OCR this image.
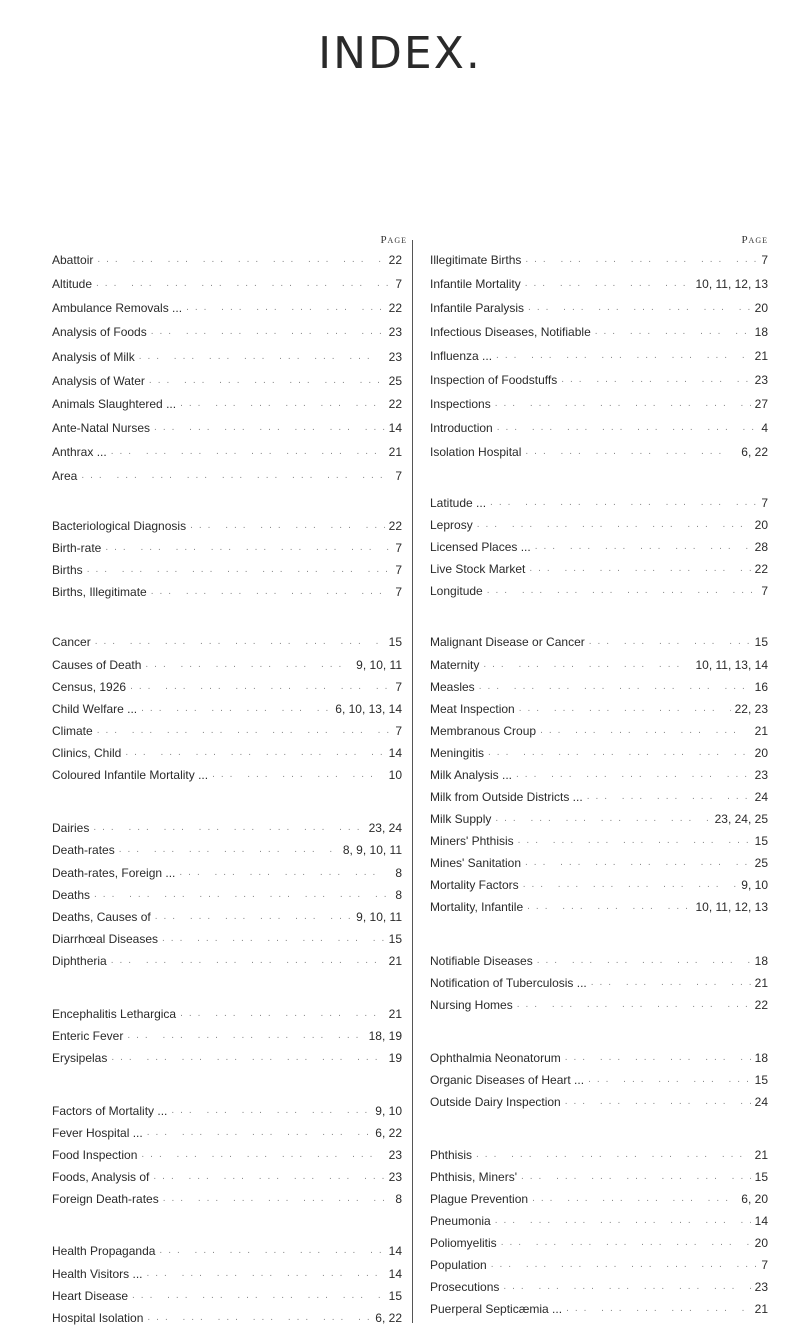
INDEX.
Page
Abattoir ... .	22
Altitude ... .	7
Ambulance Removals ... ... .	22
Analysis of Foods ... .	23
Analysis of Milk ... .	23
Analysis of Water ... .	25
Animals Slaughtered ... ... .	22
Ante-Natal Nurses ... .	14
Anthrax ... ... .	21
Area ... .	7
Bacteriological Diagnosis ... .	22
Birth-rate ... .	7
Births ... .	7
Births, Illegitimate ... .	7
Cancer ... .	15
Causes of Death ... .	9, 10, 11
Census, 1926 ... .	7
Child Welfare ... ... .	6, 10, 13, 14
Climate ... .	7
Clinics, Child ... .	14
Coloured Infantile Mortality ... ... .	10
Dairies ... .	23, 24
Death-rates ... .	8, 9, 10, 11
Death-rates, Foreign ... ... .	8
Deaths ... .	8
Deaths, Causes of ... .	9, 10, 11
Diarrhœal Diseases ... .	15
Diphtheria ... .	21
Encephalitis Lethargica ... .	21
Enteric Fever ... .	18, 19
Erysipelas ... .	19
Factors of Mortality ... ... .	9, 10
Fever Hospital ... ... .	6, 22
Food Inspection ... .	23
Foods, Analysis of ... .	23
Foreign Death-rates ... .	8
Health Propaganda ... .	14
Health Visitors ... ... .	14
Heart Disease ... .	15
Hospital Isolation ... .	6, 22
Page
Illegitimate Births ... .	7
Infantile Mortality ... .	10, 11, 12, 13
Infantile Paralysis ... .	20
Infectious Diseases, Notifiable ... .	18
Influenza ... ... .	21
Inspection of Foodstuffs ... .	23
Inspections ... .	27
Introduction ... .	4
Isolation Hospital ... .	6, 22
Latitude ... ... .	7
Leprosy ... .	20
Licensed Places ... ... .	28
Live Stock Market ... .	22
Longitude ... .	7
Malignant Disease or Cancer ... .	15
Maternity ... .	10, 11, 13, 14
Measles ... .	16
Meat Inspection ... .	22, 23
Membranous Croup ... .	21
Meningitis ... .	20
Milk Analysis ... ... .	23
Milk from Outside Districts ... ... .	24
Milk Supply ... .	23, 24, 25
Miners' Phthisis ... .	15
Mines' Sanitation ... .	25
Mortality Factors ... .	9, 10
Mortality, Infantile ... .	10, 11, 12, 13
Notifiable Diseases ... .	18
Notification of Tuberculosis ... ... .	21
Nursing Homes ... .	22
Ophthalmia Neonatorum ... .	18
Organic Diseases of Heart ... ... .	15
Outside Dairy Inspection ... .	24
Phthisis ... .	21
Phthisis, Miners' ... .	15
Plague Prevention ... .	6, 20
Pneumonia ... .	14
Poliomyelitis ... .	20
Population ... .	7
Prosecutions ... .	23
Puerperal Septicæmia ... ... .	21
